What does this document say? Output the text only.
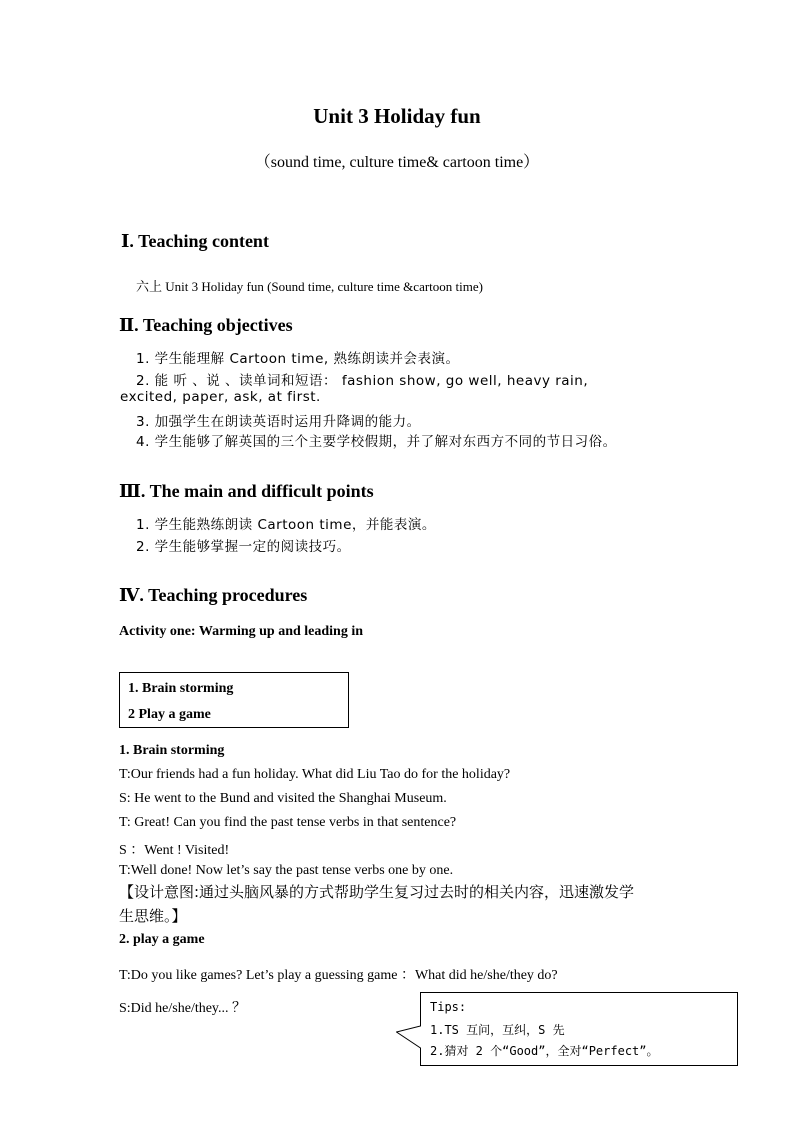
Unit 3 Holiday fun
（sound time, culture time& cartoon time）
Ⅰ. Teaching content
六上 Unit 3 Holiday fun (Sound time, culture time &cartoon time)
Ⅱ. Teaching objectives
1. 学生能理解 Cartoon time, 熟练朗读并会表演。
2. 能 听 、说 、读单词和短语： fashion show, go well, heavy rain,
excited, paper, ask, at first.
3. 加强学生在朗读英语时运用升降调的能力。
4. 学生能够了解英国的三个主要学校假期，并了解对东西方不同的节日习俗。
Ⅲ. The main and difficult points
1. 学生能熟练朗读 Cartoon time，并能表演。
2. 学生能够掌握一定的阅读技巧。
Ⅳ. Teaching procedures
Activity one: Warming up and leading in
1. Brain storming
2 Play a game
1. Brain storming
T:Our friends had a fun holiday. What did Liu Tao do for the holiday?
S: He went to the Bund and visited the Shanghai Museum.
T: Great! Can you find the past tense verbs in that sentence?
S ：Went ! Visited!
T:Well done! Now let’s say the past tense verbs one by one.
【设计意图:通过头脑风暴的方式帮助学生复习过去时的相关内容，迅速激发学
生思维。】
2. play a game
T:Do you like games? Let’s play a guessing game ：What did he/she/they do?
S:Did he/she/they... ？	Tips:
1.TS 互问，互纠，S 先
2.猜对 2 个“Good”，全对“Perfect”。
